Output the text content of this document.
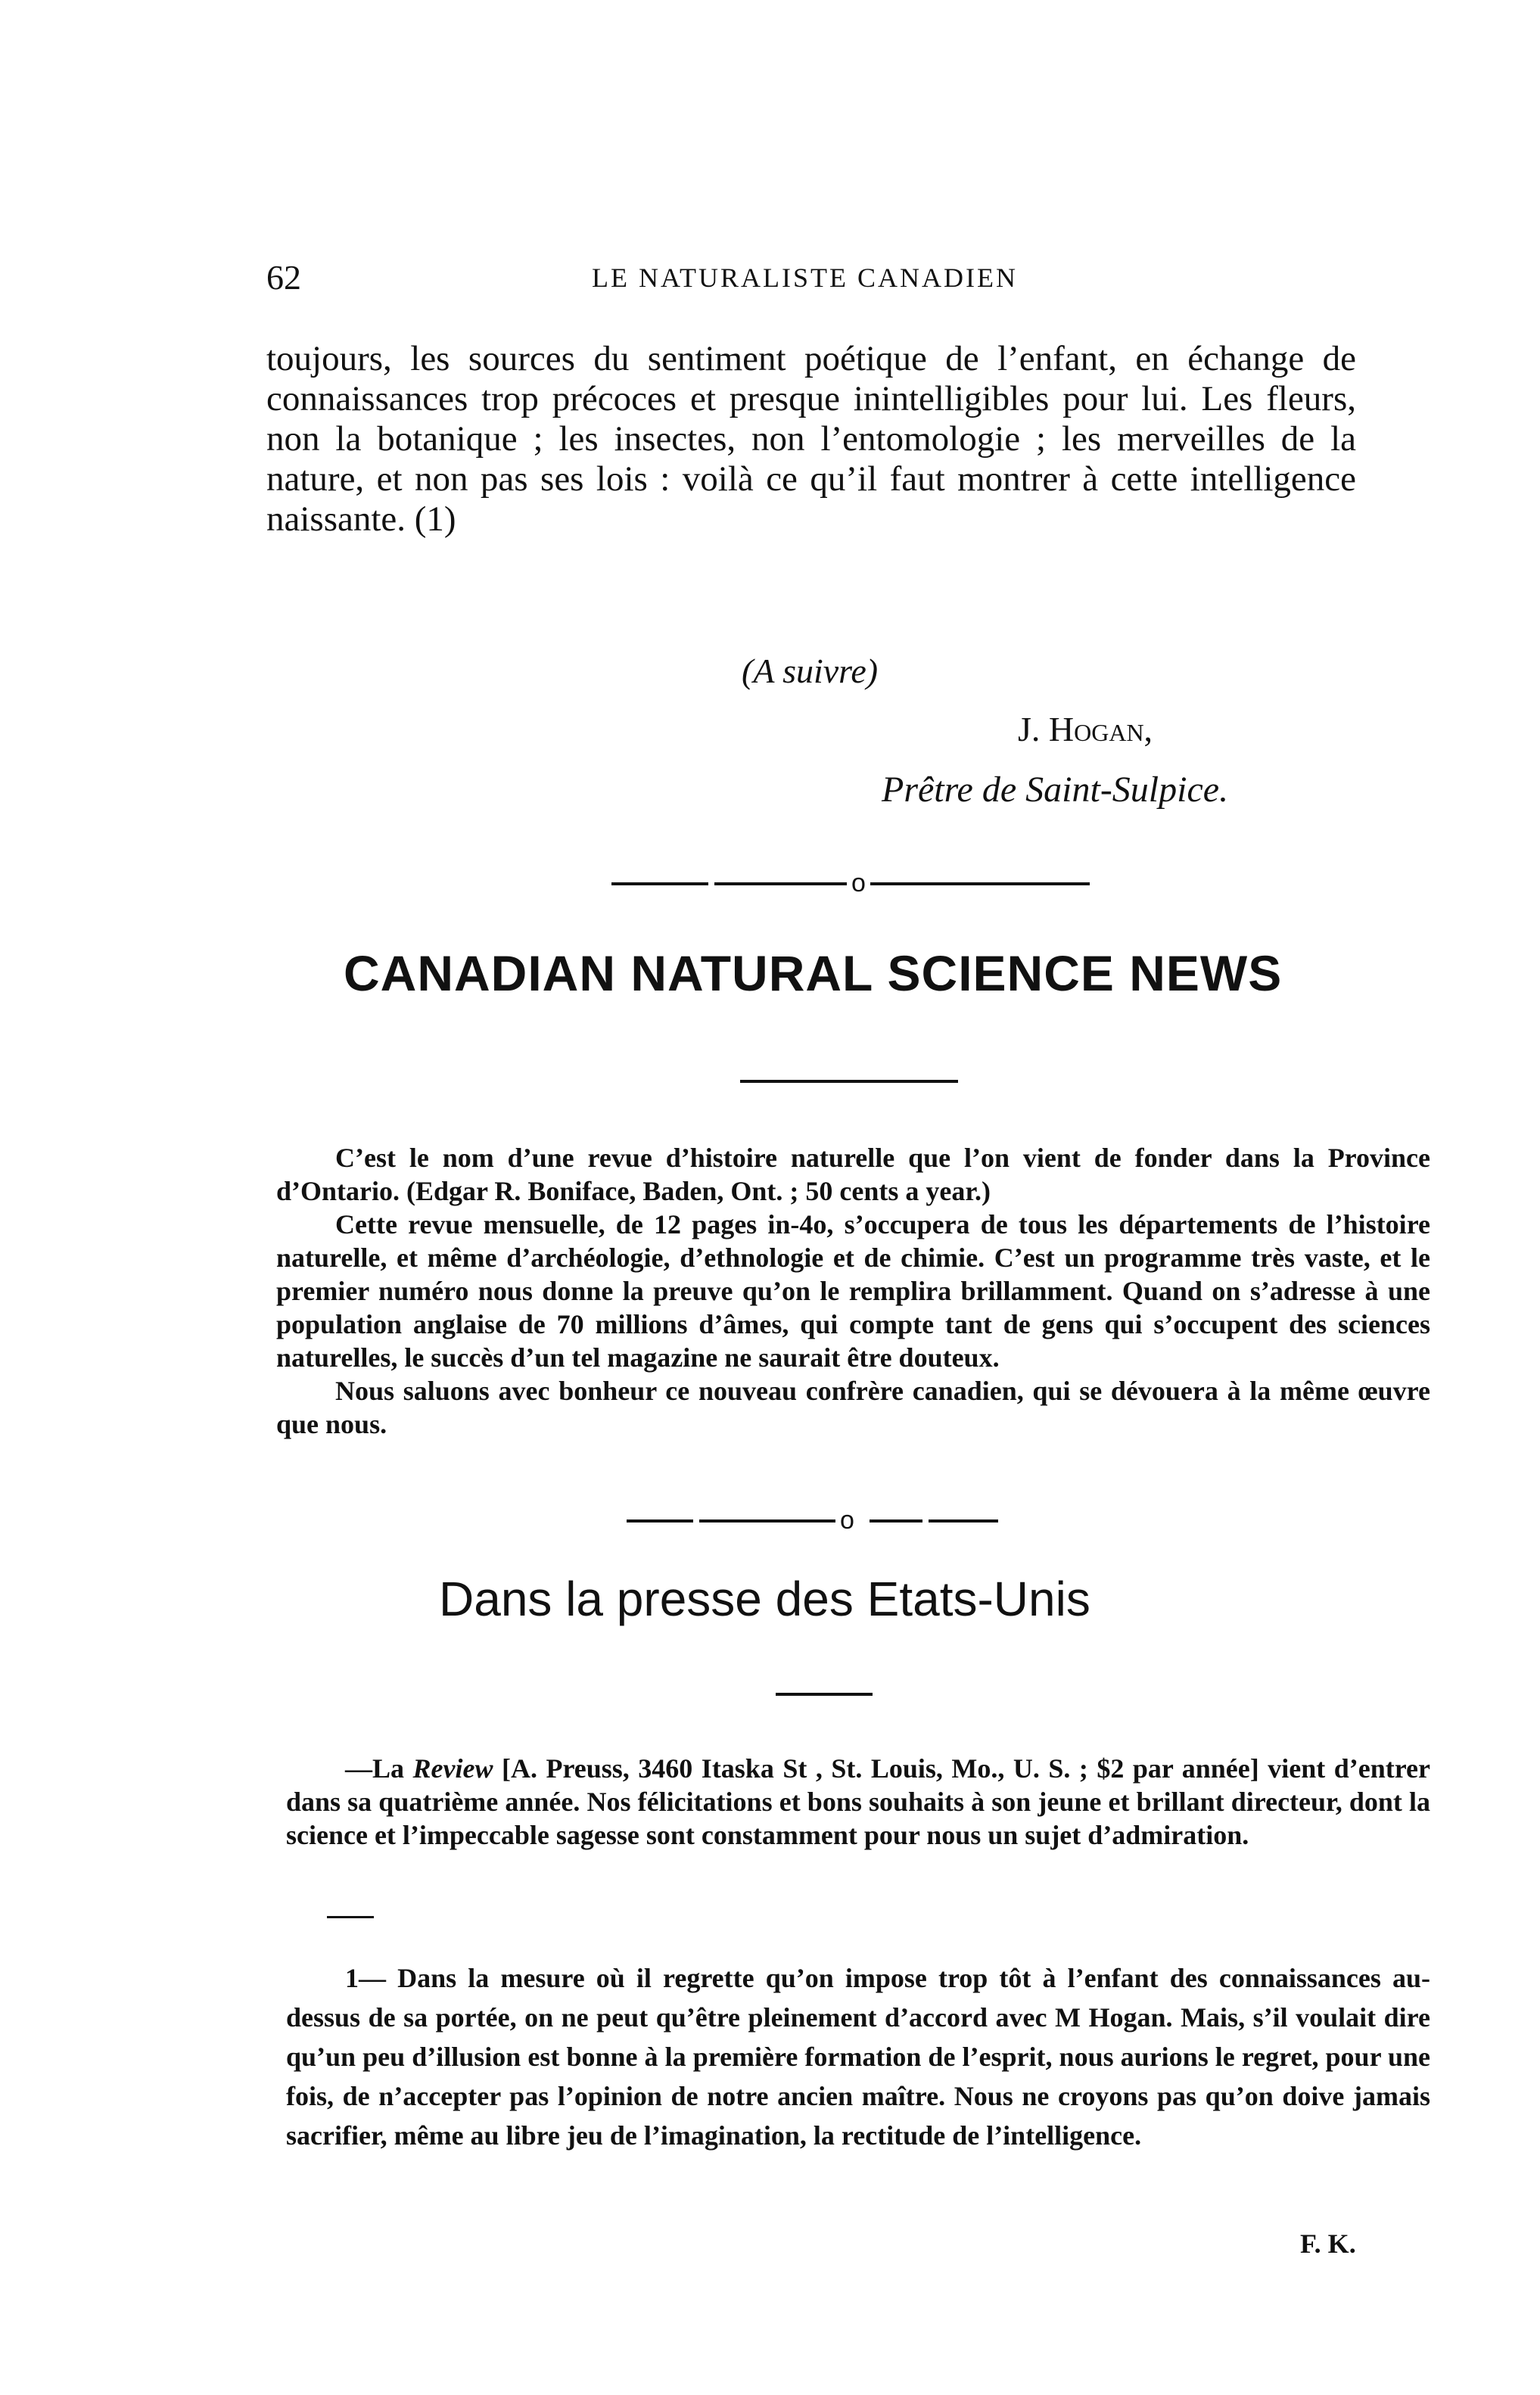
62	LE NATURALISTE CANADIEN

toujours, les sources du sentiment poétique de l’enfant, en échange de connaissances trop précoces et presque inintelligibles pour lui. Les fleurs, non la botanique ; les insectes, non l’entomologie ; les merveilles de la nature, et non pas ses lois : voilà ce qu’il faut montrer à cette intelligence naissante. (1)

(A suivre)
J. Hogan,
Prêtre de Saint-Sulpice.
o
CANADIAN NATURAL SCIENCE NEWS

C’est le nom d’une revue d’histoire naturelle que l’on vient de fonder dans la Province d’Ontario. (Edgar R. Boniface, Baden, Ont. ; 50 cents a year.)

Cette revue mensuelle, de 12 pages in-4o, s’occupera de tous les départements de l’histoire naturelle, et même d’archéologie, d’ethnologie et de chimie. C’est un programme très vaste, et le premier numéro nous donne la preuve qu’on le remplira brillamment. Quand on s’adresse à une population anglaise de 70 millions d’âmes, qui compte tant de gens qui s’occupent des sciences naturelles, le succès d’un tel magazine ne saurait être douteux.

Nous saluons avec bonheur ce nouveau confrère canadien, qui se dévouera à la même œuvre que nous.

o
Dans la presse des Etats-Unis

—La Review [A. Preuss, 3460 Itaska St , St. Louis, Mo., U. S. ; $2 par année] vient d’entrer dans sa quatrième année. Nos félicitations et bons souhaits à son jeune et brillant directeur, dont la science et l’impeccable sagesse sont constamment pour nous un sujet d’admiration.

1— Dans la mesure où il regrette qu’on impose trop tôt à l’enfant des connaissances au-dessus de sa portée, on ne peut qu’être pleinement d’accord avec M Hogan. Mais, s’il voulait dire qu’un peu d’illusion est bonne à la première formation de l’esprit, nous aurions le regret, pour une fois, de n’accepter pas l’opinion de notre ancien maître. Nous ne croyons pas qu’on doive jamais sacrifier, même au libre jeu de l’imagination, la rectitude de l’intelligence.

F. K.
